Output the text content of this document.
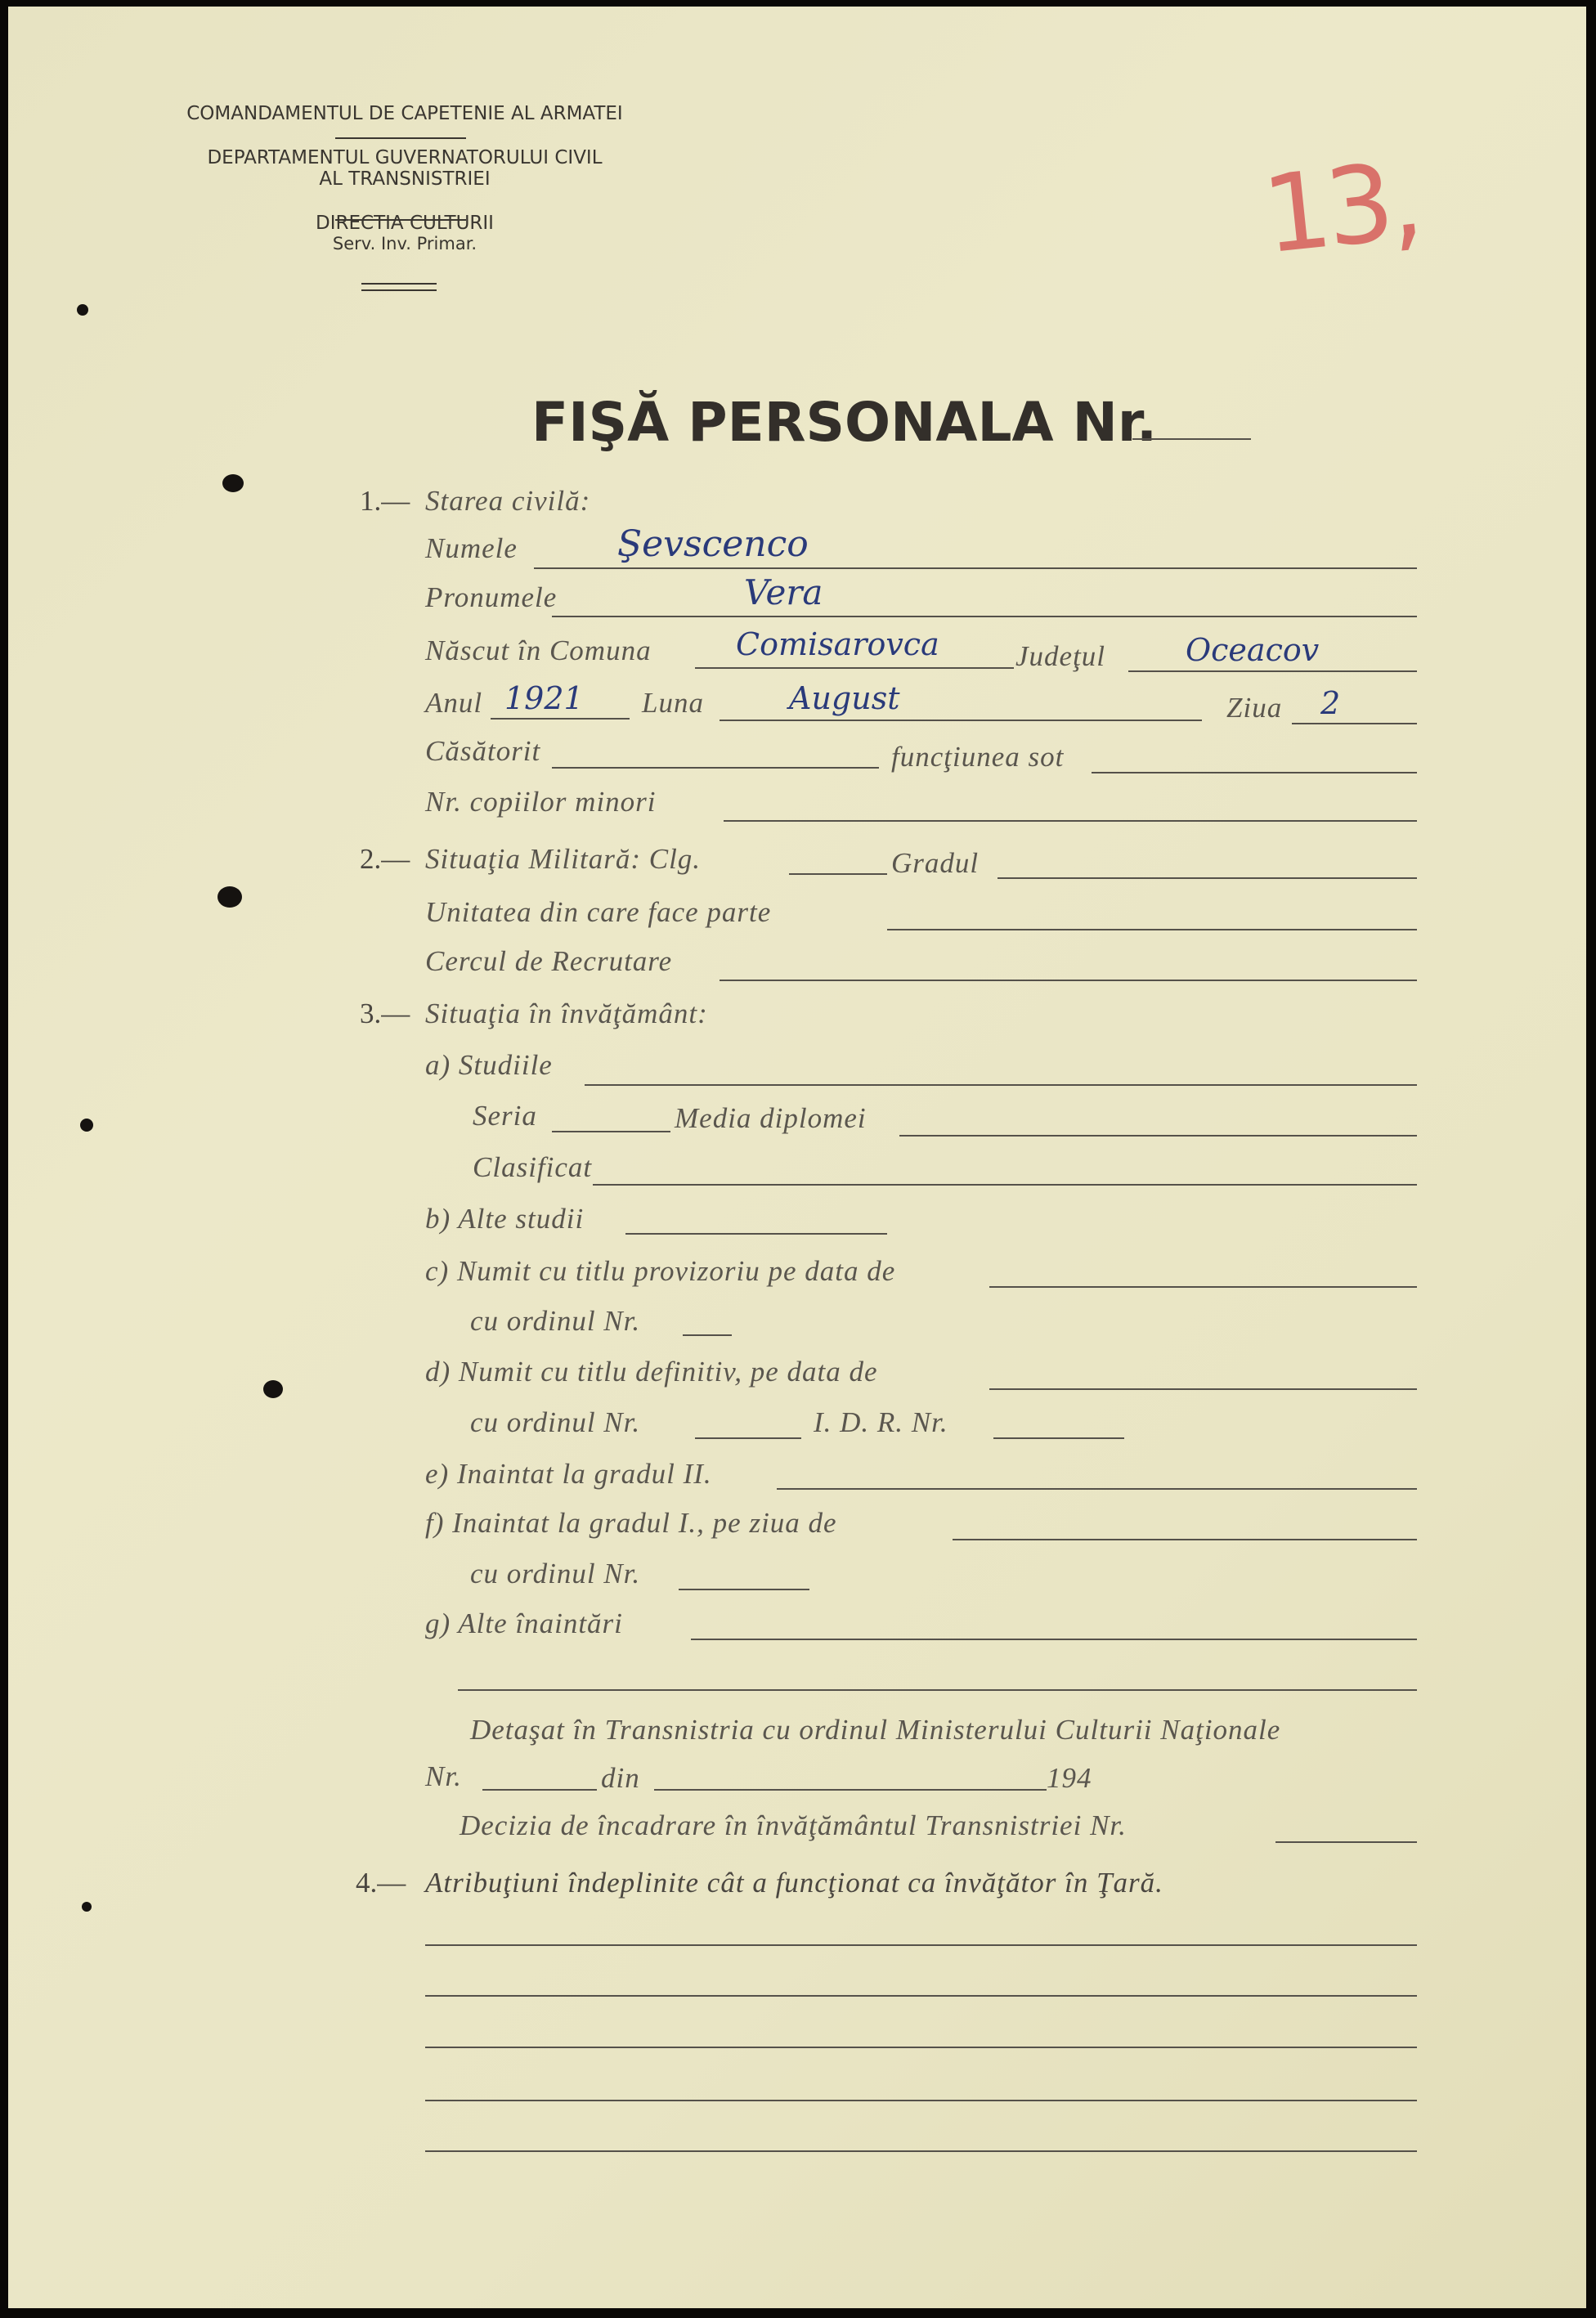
COMANDAMENTUL DE CAPETENIE AL ARMATEI
DEPARTAMENTUL GUVERNATORULUI CIVIL
AL TRANSNISTRIEI
DIRECTIA CULTURII
Serv. Inv. Primar.	13,
FIŞĂ PERSONALA Nr.
1.— Starea civilă:
Numele	Şevscenco
Pronumele	Vera
Născut în Comuna	Comisarovca	Judeţul	Oceacov
Anul 1921 Luna	August	Ziua 2
Căsătorit	funcţiunea sot
Nr. copiilor minori
2.— Situaţia Militară: Clg.	Gradul
Unitatea din care face parte
Cercul de Recrutare
3.— Situaţia în învăţământ:
a) Studiile
Seria	Media diplomei
Clasificat
b) Alte studii
c) Numit cu titlu provizoriu pe data de
cu ordinul Nr.
d) Numit cu titlu definitiv, pe data de
cu ordinul Nr.	I. D. R. Nr.
e) Inaintat la gradul II.
f) Inaintat la gradul I., pe ziua de
cu ordinul Nr.
g) Alte înaintări
Detaşat în Transnistria cu ordinul Ministerului Culturii Naţionale
Nr.	din	194
Decizia de încadrare în învăţământul Transnistriei Nr.
4.— Atribuţiuni îndeplinite cât a funcţionat ca învăţător în Ţară.
